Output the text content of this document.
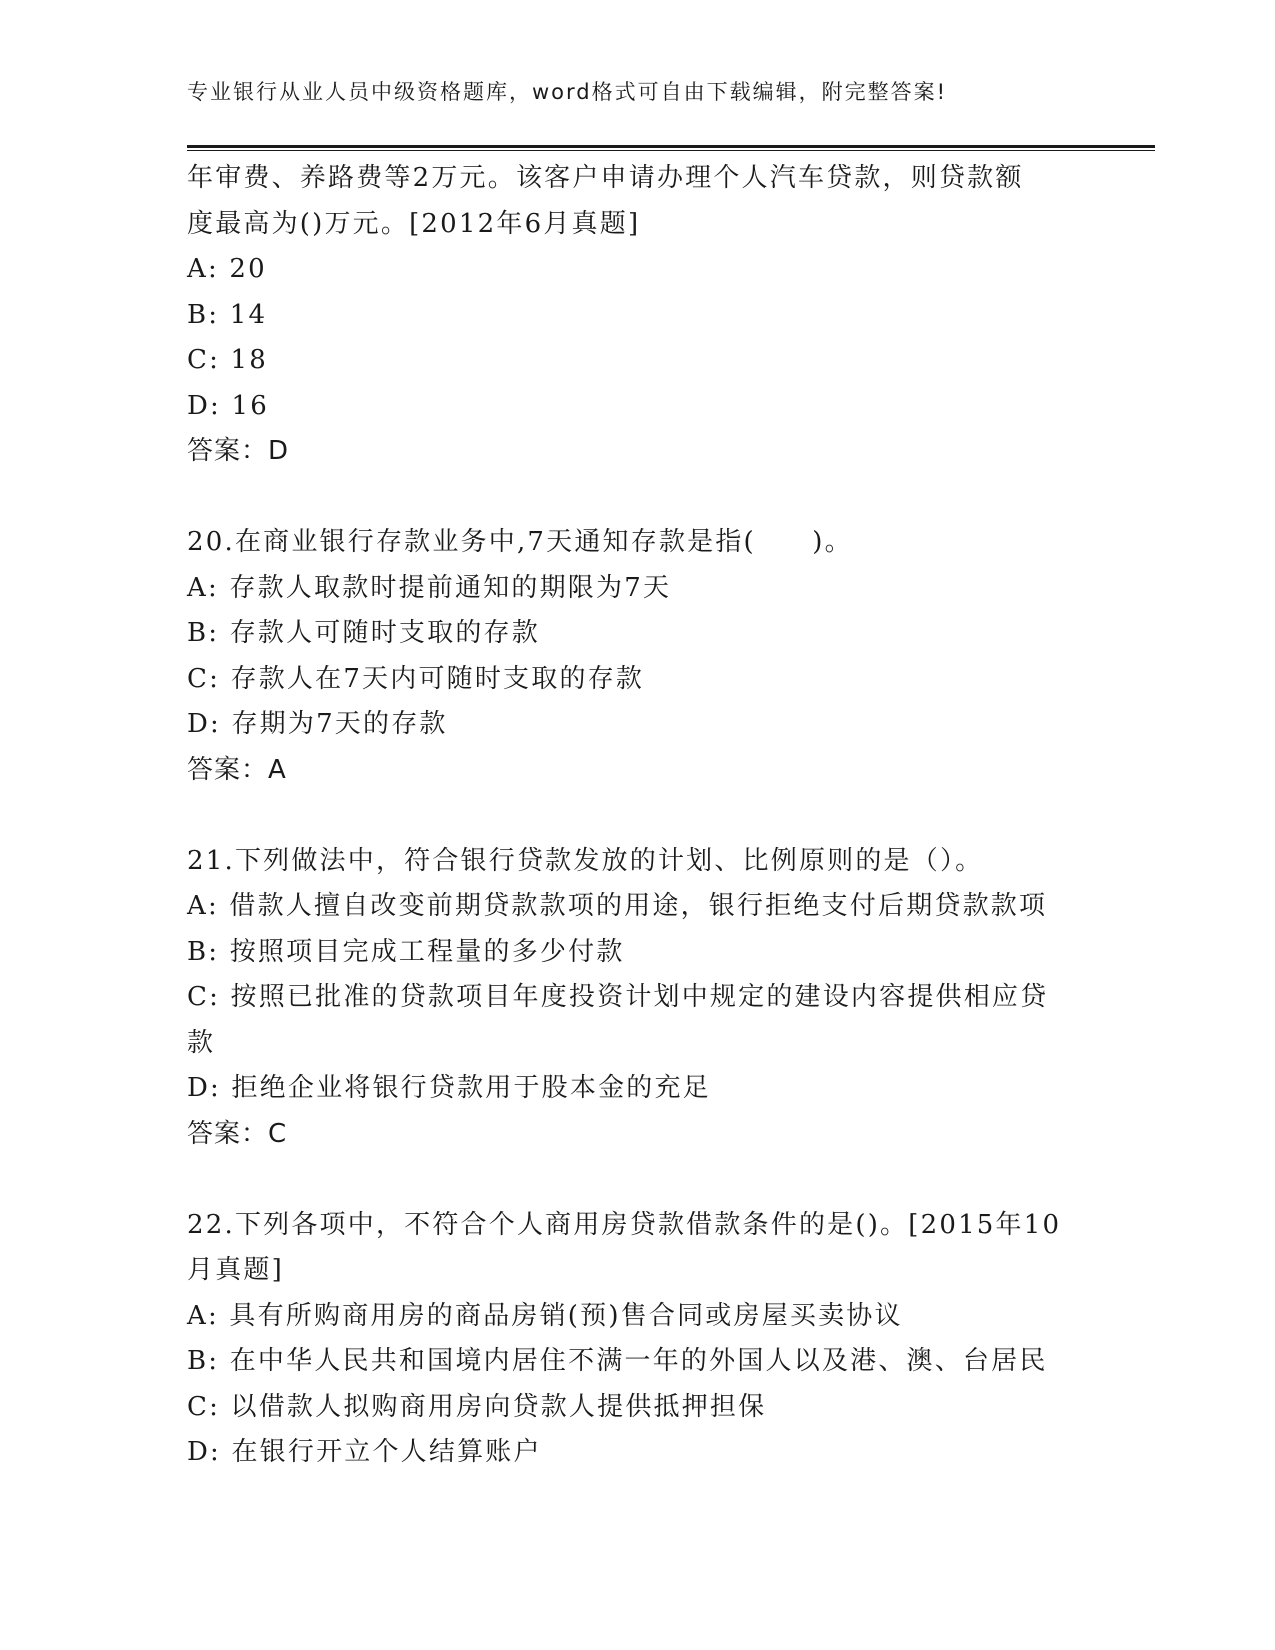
专业银行从业人员中级资格题库，word格式可自由下载编辑，附完整答案!
年审费、养路费等2万元。该客户申请办理个人汽车贷款，则贷款额
度最高为()万元。[2012年6月真题]
A: 20
B: 14
C: 18
D: 16
答案：D
20.在商业银行存款业务中,7天通知存款是指(　　)。
A: 存款人取款时提前通知的期限为7天
B: 存款人可随时支取的存款
C: 存款人在7天内可随时支取的存款
D: 存期为7天的存款
答案：A
21.下列做法中，符合银行贷款发放的计划、比例原则的是（）。
A: 借款人擅自改变前期贷款款项的用途，银行拒绝支付后期贷款款项
B: 按照项目完成工程量的多少付款
C: 按照已批准的贷款项目年度投资计划中规定的建设内容提供相应贷
款
D: 拒绝企业将银行贷款用于股本金的充足
答案：C
22.下列各项中，不符合个人商用房贷款借款条件的是()。[2015年10
月真题]
A: 具有所购商用房的商品房销(预)售合同或房屋买卖协议
B: 在中华人民共和国境内居住不满一年的外国人以及港、澳、台居民
C: 以借款人拟购商用房向贷款人提供抵押担保
D: 在银行开立个人结算账户
